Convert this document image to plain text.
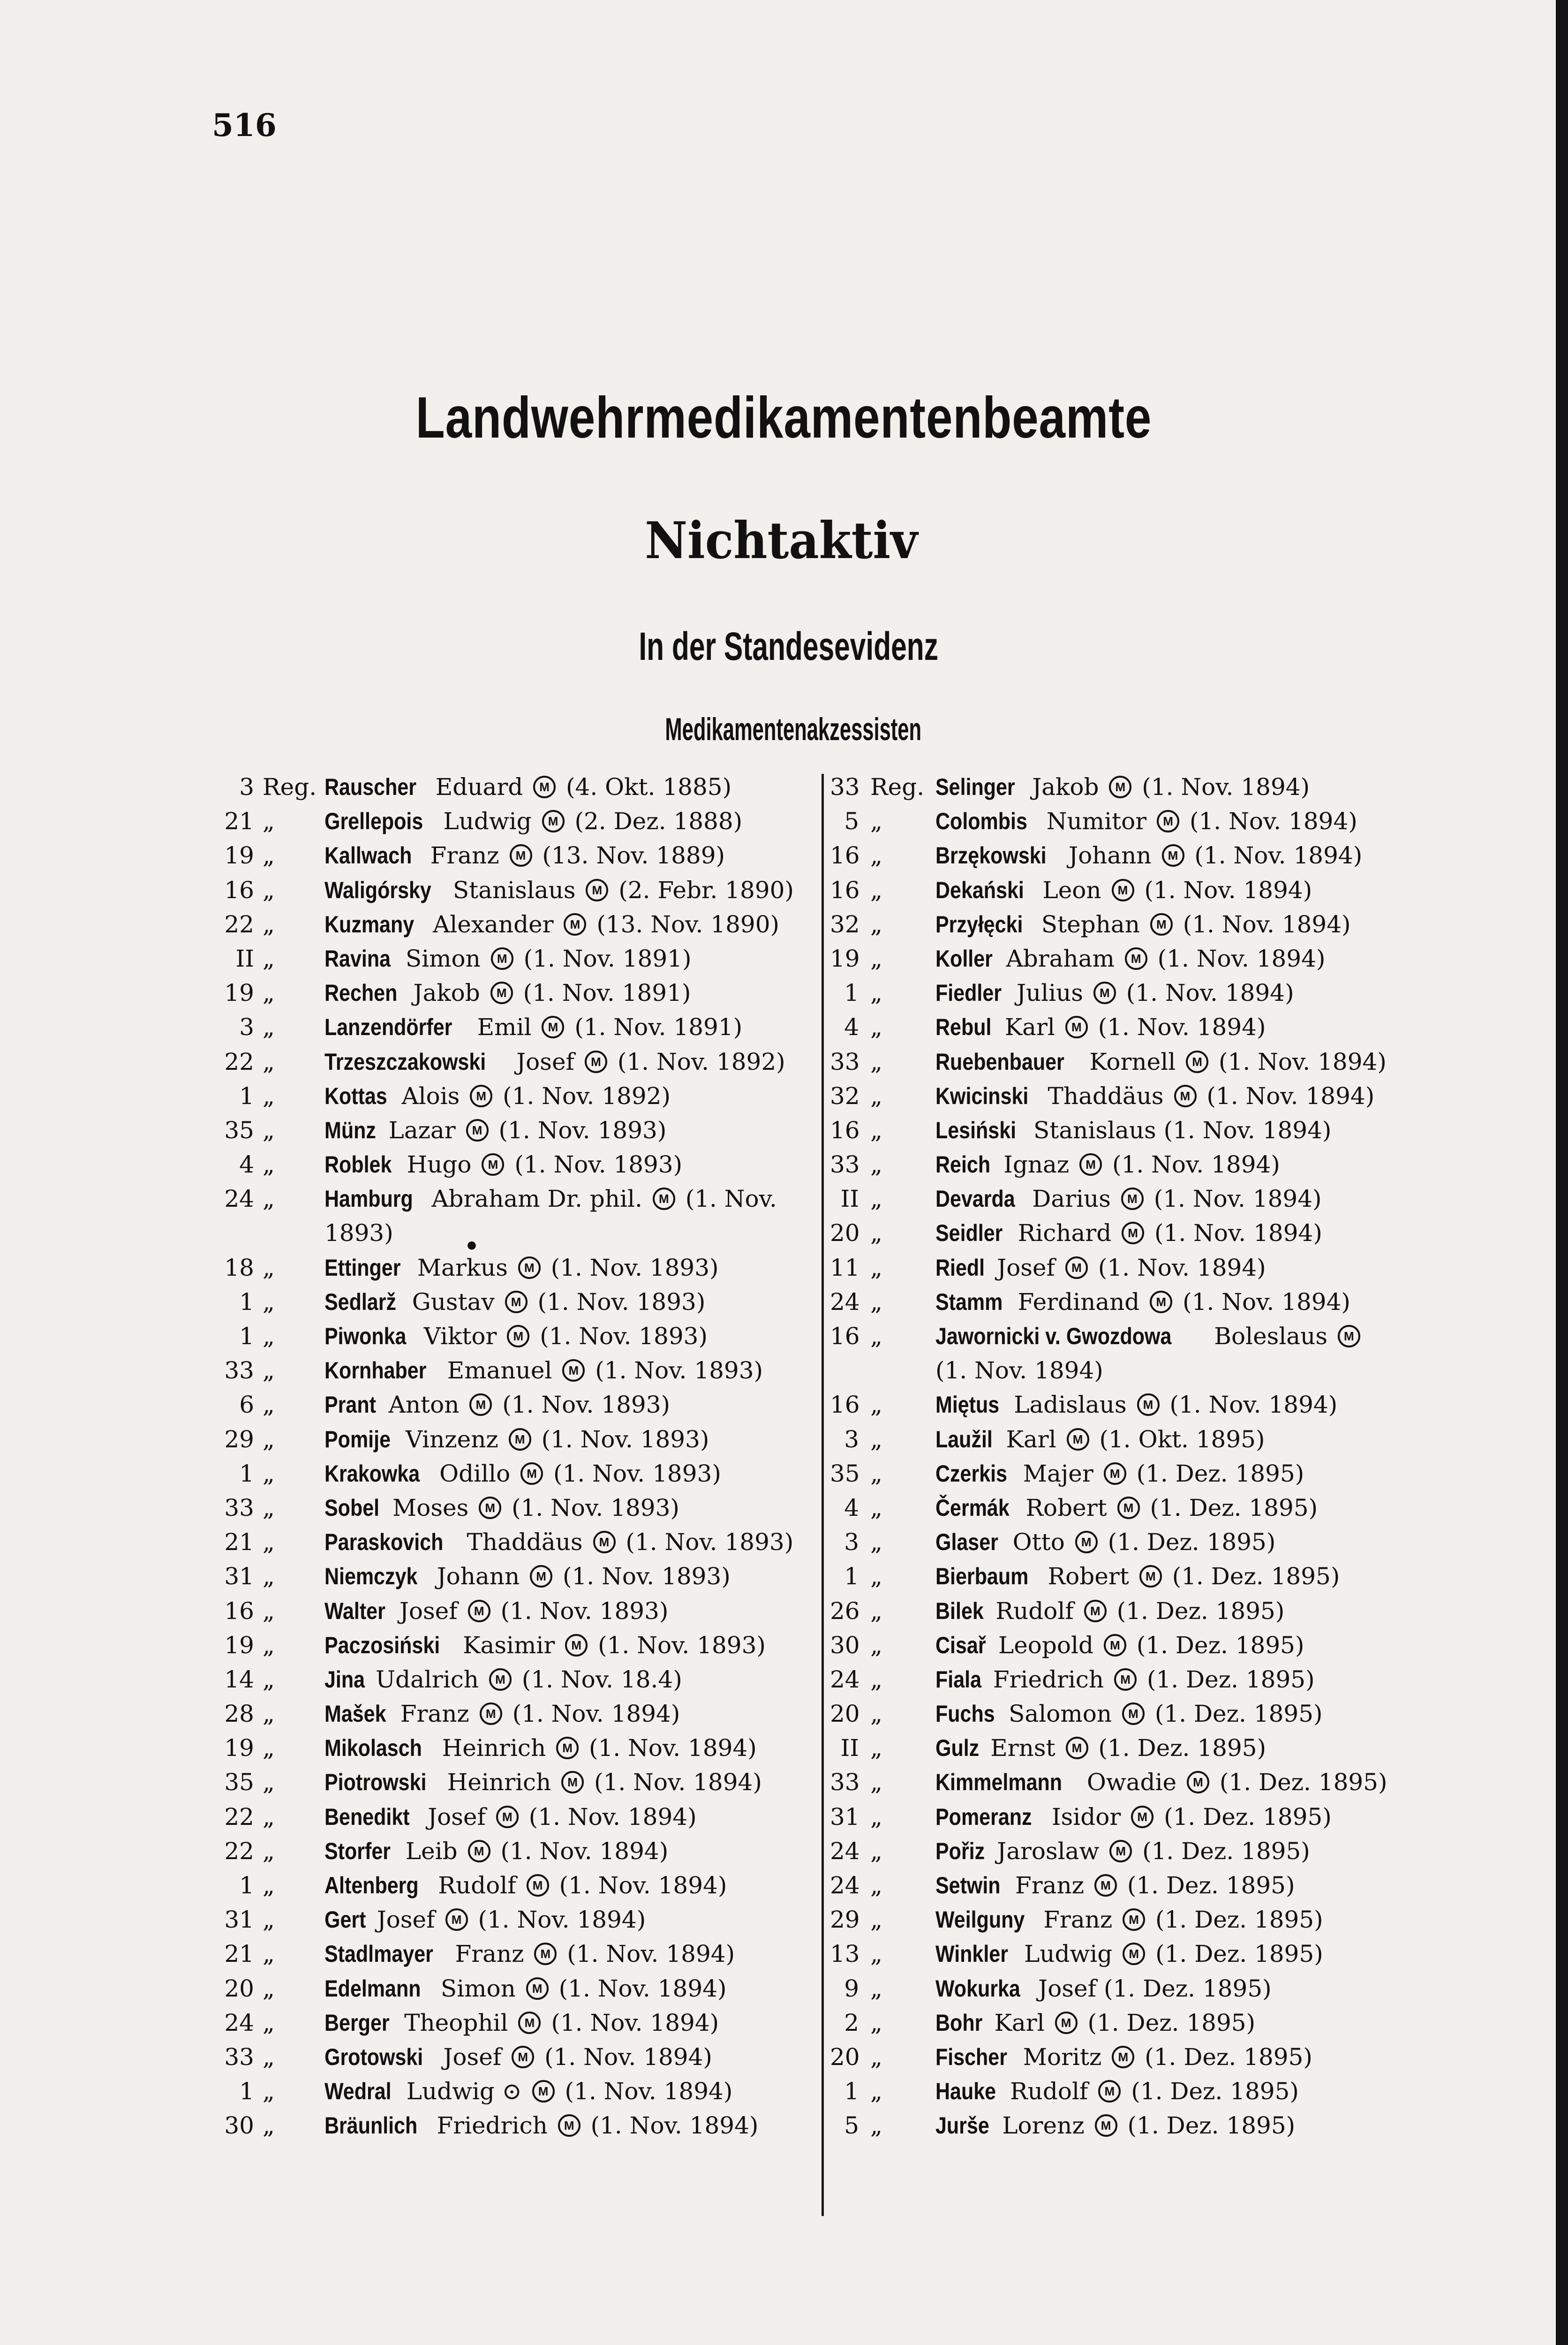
516
Landwehrmedikamentenbeamte
Nichtaktiv
In der Standesevidenz
Medikamentenakzessisten
3 Reg. Rauscher Eduard M (4. Okt. 1885)
21 „ Grellepois Ludwig M (2. Dez. 1888)
19 „ Kallwach Franz M (13. Nov. 1889)
16 „ Waligórsky Stanislaus M (2. Febr. 1890)
22 „ Kuzmany Alexander M (13. Nov. 1890)
II „ Ravina Simon M (1. Nov. 1891)
19 „ Rechen Jakob M (1. Nov. 1891)
3 „ Lanzendörfer Emil M (1. Nov. 1891)
22 „ Trzeszczakowski Josef M (1. Nov. 1892)
1 „ Kottas Alois M (1. Nov. 1892)
35 „ Münz Lazar M (1. Nov. 1893)
4 „ Roblek Hugo M (1. Nov. 1893)
24 „ Hamburg Abraham Dr. phil. M (1. Nov.
1893)	•
18 „ Ettinger Markus M (1. Nov. 1893)
1 „ Sedlarž Gustav M (1. Nov. 1893)
1 „ Piwonka Viktor M (1. Nov. 1893)
33 „ Kornhaber Emanuel M (1. Nov. 1893)
6 „ Prant Anton M (1. Nov. 1893)
29 „ Pomije Vinzenz M (1. Nov. 1893)
1 „ Krakowka Odillo M (1. Nov. 1893)
33 „ Sobel Moses M (1. Nov. 1893)
21 „ Paraskovich Thaddäus M (1. Nov. 1893)
31 „ Niemczyk Johann M (1. Nov. 1893)
16 „ Walter Josef M (1. Nov. 1893)
19 „ Paczosiński Kasimir M (1. Nov. 1893)
14 „ Jina Udalrich M (1. Nov. 18.4)
28 „ Mašek Franz M (1. Nov. 1894)
19 „ Mikolasch Heinrich M (1. Nov. 1894)
35 „ Piotrowski Heinrich M (1. Nov. 1894)
22 „ Benedikt Josef M (1. Nov. 1894)
22 „ Storfer Leib M (1. Nov. 1894)
1 „ Altenberg Rudolf M (1. Nov. 1894)
31 „ Gert Josef M (1. Nov. 1894)
21 „ Stadlmayer Franz M (1. Nov. 1894)
20 „ Edelmann Simon M (1. Nov. 1894)
24 „ Berger Theophil M (1. Nov. 1894)
33 „ Grotowski Josef M (1. Nov. 1894)
1 „ Wedral Ludwig ⊙ M (1. Nov. 1894)
30 „ Bräunlich Friedrich M (1. Nov. 1894)
33 Reg. Selinger Jakob M (1. Nov. 1894)
5 „ Colombis Numitor M (1. Nov. 1894)
16 „ Brzękowski Johann M (1. Nov. 1894)
16 „ Dekański Leon M (1. Nov. 1894)
32 „ Przyłęcki Stephan M (1. Nov. 1894)
19 „ Koller Abraham M (1. Nov. 1894)
1 „ Fiedler Julius M (1. Nov. 1894)
4 „ Rebul Karl M (1. Nov. 1894)
33 „ Ruebenbauer Kornell M (1. Nov. 1894)
32 „ Kwicinski Thaddäus M (1. Nov. 1894)
16 „ Lesiński Stanislaus (1. Nov. 1894)
33 „ Reich Ignaz M (1. Nov. 1894)
II „ Devarda Darius M (1. Nov. 1894)
20 „ Seidler Richard M (1. Nov. 1894)
11 „ Riedl Josef M (1. Nov. 1894)
24 „ Stamm Ferdinand M (1. Nov. 1894)
16 „ Jawornicki v. Gwozdowa Boleslaus M
(1. Nov. 1894)
16 „ Miętus Ladislaus M (1. Nov. 1894)
3 „ Laužil Karl M (1. Okt. 1895)
35 „ Czerkis Majer M (1. Dez. 1895)
4 „ Čermák Robert M (1. Dez. 1895)
3 „ Glaser Otto M (1. Dez. 1895)
1 „ Bierbaum Robert M (1. Dez. 1895)
26 „ Bilek Rudolf M (1. Dez. 1895)
30 „ Cisař Leopold M (1. Dez. 1895)
24 „ Fiala Friedrich M (1. Dez. 1895)
20 „ Fuchs Salomon M (1. Dez. 1895)
II „ Gulz Ernst M (1. Dez. 1895)
33 „ Kimmelmann Owadie M (1. Dez. 1895)
31 „ Pomeranz Isidor M (1. Dez. 1895)
24 „ Pořiz Jaroslaw M (1. Dez. 1895)
24 „ Setwin Franz M (1. Dez. 1895)
29 „ Weilguny Franz M (1. Dez. 1895)
13 „ Winkler Ludwig M (1. Dez. 1895)
9 „ Wokurka Josef (1. Dez. 1895)
2 „ Bohr Karl M (1. Dez. 1895)
20 „ Fischer Moritz M (1. Dez. 1895)
1 „ Hauke Rudolf M (1. Dez. 1895)
5 „ Jurše Lorenz M (1. Dez. 1895)
